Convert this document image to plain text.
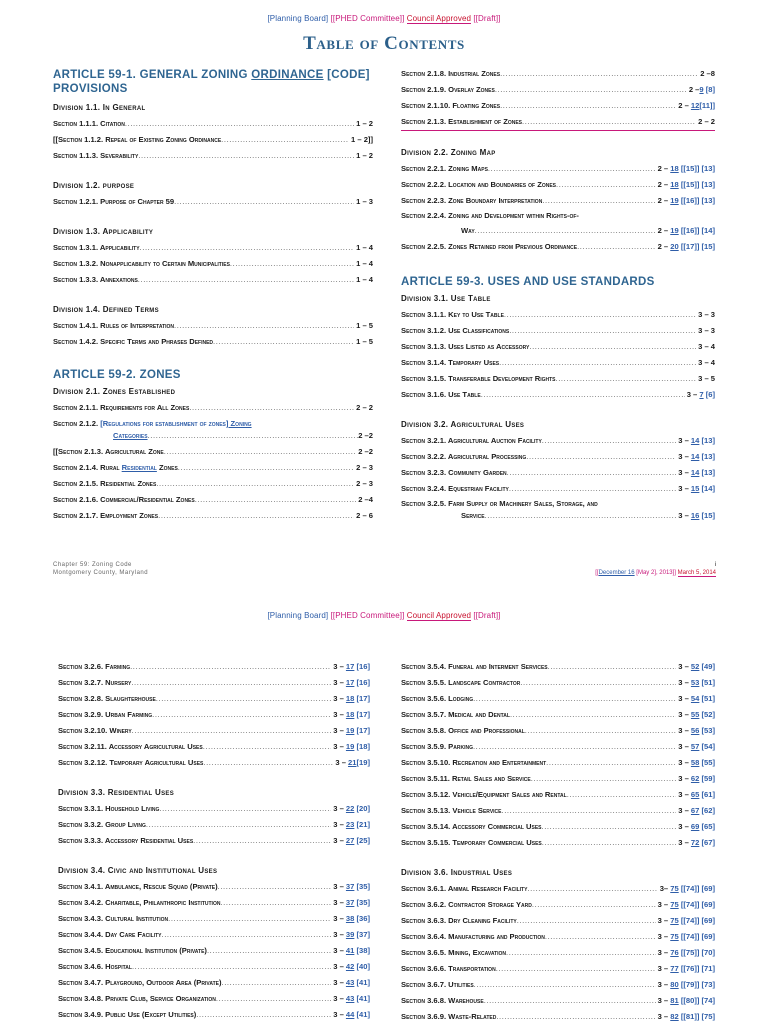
[Planning Board] [[PHED Committee]] Council Approved [[Draft]]
Table of Contents
ARTICLE 59-1. GENERAL ZONING ORDINANCE [CODE]
PROVISIONS
Division 1.1. In General
Section 1.1.1. Citation .....	1 – 2
[[Section 1.1.2. Repeal of Existing Zoning Ordinance .....	1 – 2]]
Section 1.1.3. Severability .....	1 – 2
Division 1.2. purpose
Section 1.2.1. Purpose of Chapter 59 .....	1 – 3
Division 1.3. Applicability
Section 1.3.1. Applicability .....	1 – 4
Section 1.3.2. Nonapplicability to Certain Municipalities .....	1 – 4
Section 1.3.3. Annexations .....	1 – 4
Division 1.4. Defined Terms
Section 1.4.1. Rules of Interpretation .....	1 – 5
Section 1.4.2. Specific Terms and Phrases Defined .....	1 – 5
ARTICLE 59-2. ZONES
Division 2.1. Zones Established
Section 2.1.1. Requirements for All Zones .....	2 – 2
Section 2.1.2. [Regulations for establishment of zones] Zoning

Categories .....	2 –2
[[Section 2.1.3. Agricultural Zone .....	2 –2
Section 2.1.4. Rural Residential Zones .....	2 – 3
Section 2.1.5. Residential Zones .....	2 – 3
Section 2.1.6. Commercial/Residential Zones .....	2 –4
Section 2.1.7. Employment Zones .....	2 – 6
Section 2.1.8. Industrial Zones .....	2 –8
Section 2.1.9. Overlay Zones .....	2 –9 [8]
Section 2.1.10. Floating Zones .....	2 – 12[11]]
Section 2.1.3. Establishment of Zones .....	2 – 2
Division 2.2. Zoning Map
Section 2.2.1. Zoning Maps .....	2 – 18 [[15]] [13]
Section 2.2.2. Location and Boundaries of Zones .....	2 – 18 [[15]] [13]
Section 2.2.3. Zone Boundary Interpretation .....	2 – 19 [[16]] [13]
Section 2.2.4. Zoning and Development within Rights-of-
Way .....	2 – 19 [[16]] [14]
Section 2.2.5. Zones Retained from Previous Ordinance .....	2 – 20 [[17]] [15]
ARTICLE 59-3. USES AND USE STANDARDS
Division 3.1. Use Table
Section 3.1.1. Key to Use Table .....	3 – 3
Section 3.1.2. Use Classifications .....	3 – 3
Section 3.1.3. Uses Listed as Accessory .....	3 – 4
Section 3.1.4. Temporary Uses .....	3 – 4
Section 3.1.5. Transferable Development Rights .....	3 – 5
Section 3.1.6. Use Table .....	3 – 7 [6]
Division 3.2. Agricultural Uses
Section 3.2.1. Agricultural Auction Facility .....	3 – 14 [13]
Section 3.2.2. Agricultural Processing .....	3 – 14 [13]
Section 3.2.3. Community Garden .....	3 – 14 [13]
Section 3.2.4. Equestrian Facility .....	3 – 15 [14]
Section 3.2.5. Farm Supply or Machinery Sales, Storage, and
Service .....	3 – 16 [15]
Chapter 59: Zoning Code
Montgomery County, Maryland
i
[[December 16 [May 2], 2013]] March 5, 2014
[Planning Board] [[PHED Committee]] Council Approved [[Draft]]
Section 3.2.6. Farming .....	3 – 17 [16]
Section 3.2.7. Nursery .....	3 – 17 [16]
Section 3.2.8. Slaughterhouse .....	3 – 18 [17]
Section 3.2.9. Urban Farming .....	3 – 18 [17]
Section 3.2.10. Winery .....	3 – 19 [17]
Section 3.2.11. Accessory Agricultural Uses .....	3 – 19 [18]
Section 3.2.12. Temporary Agricultural Uses .....	3 – 21[19]
Division 3.3. Residential Uses
Section 3.3.1. Household Living .....	3 – 22 [20]
Section 3.3.2. Group Living .....	3 – 23 [21]
Section 3.3.3. Accessory Residential Uses .....	3 – 27 [25]
Division 3.4. Civic and Institutional Uses
Section 3.4.1. Ambulance, Rescue Squad (Private) .....	3 – 37 [35]
Section 3.4.2. Charitable, Philanthropic Institution .....	3 – 37 [35]
Section 3.4.3. Cultural Institution .....	3 – 38 [36]
Section 3.4.4. Day Care Facility .....	3 – 39 [37]
Section 3.4.5. Educational Institution (Private) .....	3 – 41 [38]
Section 3.4.6. Hospital .....	3 – 42 [40]
Section 3.4.7. Playground, Outdoor Area (Private) .....	3 – 43 [41]
Section 3.4.8. Private Club, Service Organization .....	3 – 43 [41]
Section 3.4.9. Public Use (Except Utilities) .....	3 – 44 [41]
Section 3.5.4. Funeral and Interment Services .....	3 – 52 [49]
Section 3.5.5. Landscape Contractor .....	3 – 53 [51]
Section 3.5.6. Lodging .....	3 – 54 [51]
Section 3.5.7. Medical and Dental .....	3 – 55 [52]
Section 3.5.8. Office and Professional .....	3 – 56 [53]
Section 3.5.9. Parking .....	3 – 57 [54]
Section 3.5.10. Recreation and Entertainment .....	3 – 58 [55]
Section 3.5.11. Retail Sales and Service .....	3 – 62 [59]
Section 3.5.12. Vehicle/Equipment Sales and Rental .....	3 – 65 [61]
Section 3.5.13. Vehicle Service .....	3 – 67 [62]
Section 3.5.14. Accessory Commercial Uses .....	3 – 69 [65]
Section 3.5.15. Temporary Commercial Uses .....	3 – 72 [67]
Division 3.6. Industrial Uses
Section 3.6.1. Animal Research Facility .....	3– 75 [[74]] [69]
Section 3.6.2. Contractor Storage Yard .....	3 – 75 [[74]] [69]
Section 3.6.3. Dry Cleaning Facility .....	3 – 75 [[74]] [69]
Section 3.6.4. Manufacturing and Production .....	3 – 75 [[74]] [69]
Section 3.6.5. Mining, Excavation .....	3 – 76 [[75]] [70]
Section 3.6.6. Transportation .....	3 – 77 [[76]] [71]
Section 3.6.7. Utilities .....	3 – 80 [[79]] [73]
Section 3.6.8. Warehouse .....	3 – 81 [[80]] [74]
Section 3.6.9. Waste-Related .....	3 – 82 [[81]] [75]
